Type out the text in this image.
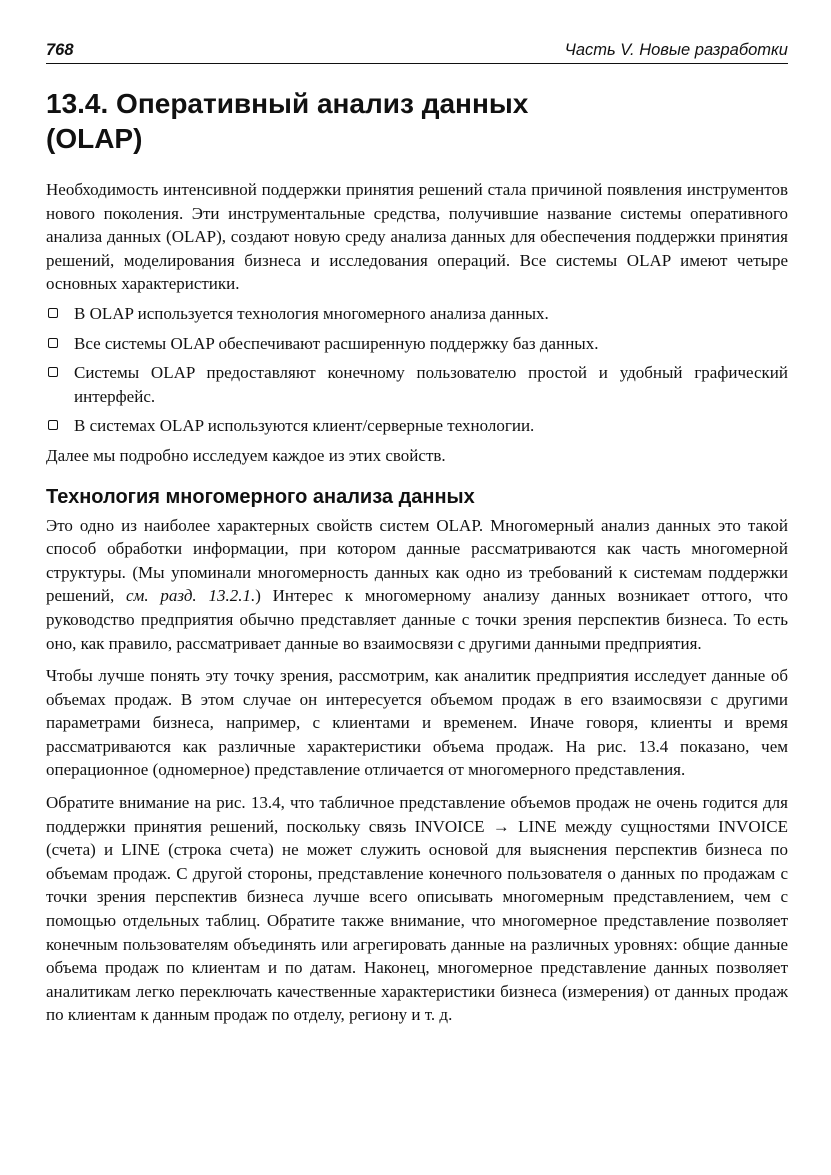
768	Часть V. Новые разработки
13.4. Оперативный анализ данных (OLAP)

Необходимость интенсивной поддержки принятия решений стала причиной появления инструментов нового поколения. Эти инструментальные средства, получившие название системы оперативного анализа данных (OLAP), создают новую среду анализа данных для обеспечения поддержки принятия решений, моделирования бизнеса и исследования операций. Все системы OLAP имеют четыре основных характеристики.

В OLAP используется технология многомерного анализа данных.
Все системы OLAP обеспечивают расширенную поддержку баз данных.
Системы OLAP предоставляют конечному пользователю простой и удобный графический интерфейс.
В системах OLAP используются клиент/серверные технологии.

Далее мы подробно исследуем каждое из этих свойств.

Технология многомерного анализа данных

Это одно из наиболее характерных свойств систем OLAP. Многомерный анализ данных это такой способ обработки информации, при котором данные рассматриваются как часть многомерной структуры. (Мы упоминали многомерность данных как одно из требований к системам поддержки решений, см. разд. 13.2.1.) Интерес к многомерному анализу данных возникает оттого, что руководство предприятия обычно представляет данные с точки зрения перспектив бизнеса. То есть оно, как правило, рассматривает данные во взаимосвязи с другими данными предприятия.

Чтобы лучше понять эту точку зрения, рассмотрим, как аналитик предприятия исследует данные об объемах продаж. В этом случае он интересуется объемом продаж в его взаимосвязи с другими параметрами бизнеса, например, с клиентами и временем. Иначе говоря, клиенты и время рассматриваются как различные характеристики объема продаж. На рис. 13.4 показано, чем операционное (одномерное) представление отличается от многомерного представления.

Обратите внимание на рис. 13.4, что табличное представление объемов продаж не очень годится для поддержки принятия решений, поскольку связь INVOICE → LINE между сущностями INVOICE (счета) и LINE (строка счета) не может служить основой для выяснения перспектив бизнеса по объемам продаж. С другой стороны, представление конечного пользователя о данных по продажам с точки зрения перспектив бизнеса лучше всего описывать многомерным представлением, чем с помощью отдельных таблиц. Обратите также внимание, что многомерное представление позволяет конечным пользователям объединять или агрегировать данные на различных уровнях: общие данные объема продаж по клиентам и по датам. Наконец, многомерное представление данных позволяет аналитикам легко переключать качественные характеристики бизнеса (измерения) от данных продаж по клиентам к данным продаж по отделу, региону и т. д.
